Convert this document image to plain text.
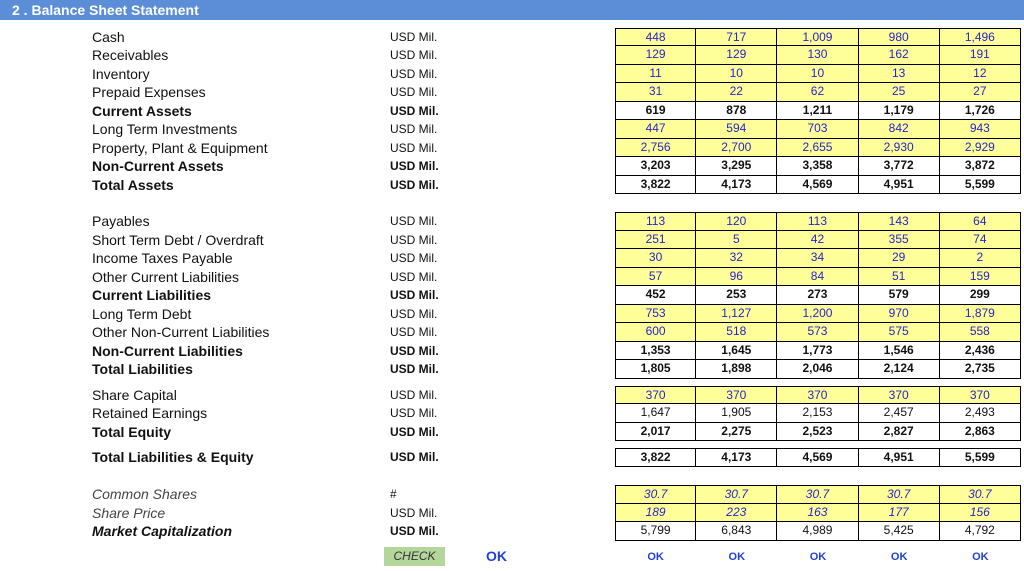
2 . Balance Sheet Statement
Cash	USD Mil.	448	717	1,009	980	1,496
Receivables	USD Mil.	129	129	130	162	191
Inventory	USD Mil.	11	10	10	13	12
Prepaid Expenses	USD Mil.	31	22	62	25	27
Current Assets	USD Mil.	619	878	1,211	1,179	1,726
Long Term Investments	USD Mil.	447	594	703	842	943
Property, Plant & Equipment	USD Mil.	2,756	2,700	2,655	2,930	2,929
Non-Current Assets	USD Mil.	3,203	3,295	3,358	3,772	3,872
Total Assets	USD Mil.	3,822	4,173	4,569	4,951	5,599
Payables	USD Mil.	113	120	113	143	64
Short Term Debt / Overdraft	USD Mil.	251	5	42	355	74
Income Taxes Payable	USD Mil.	30	32	34	29	2
Other Current Liabilities	USD Mil.	57	96	84	51	159
Current Liabilities	USD Mil.	452	253	273	579	299
Long Term Debt	USD Mil.	753	1,127	1,200	970	1,879
Other Non-Current Liabilities	USD Mil.	600	518	573	575	558
Non-Current Liabilities	USD Mil.	1,353	1,645	1,773	1,546	2,436
Total Liabilities	USD Mil.	1,805	1,898	2,046	2,124	2,735
Share Capital	USD Mil.	370	370	370	370	370
Retained Earnings	USD Mil.	1,647	1,905	2,153	2,457	2,493
Total Equity	USD Mil.	2,017	2,275	2,523	2,827	2,863
Total Liabilities & Equity	USD Mil.	3,822	4,173	4,569	4,951	5,599
Common Shares	#	30.7	30.7	30.7	30.7	30.7
Share Price	USD Mil.	189	223	163	177	156
Market Capitalization	USD Mil.	5,799	6,843	4,989	5,425	4,792
CHECK	OK	OK	OK	OK	OK	OK
